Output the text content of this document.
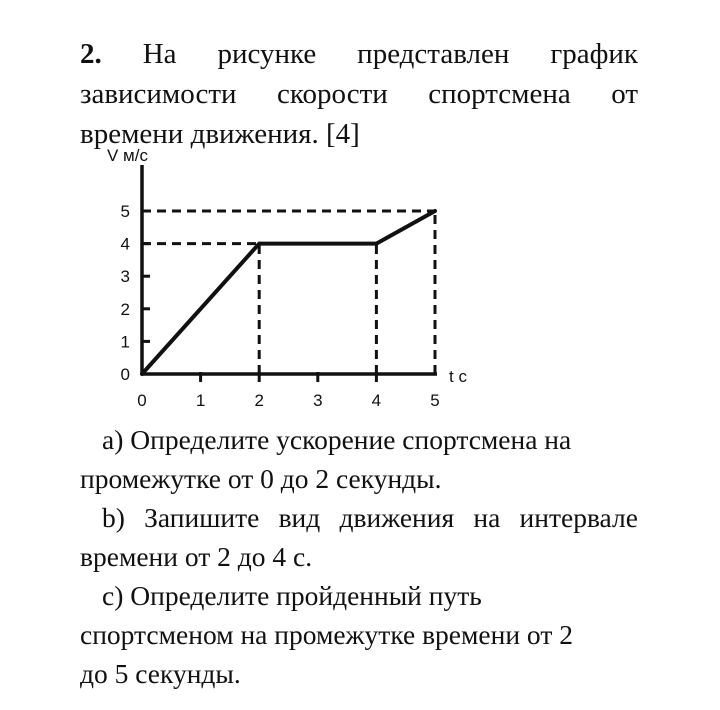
2. На рисунке представлен график
зависимости скорости спортсмена от
времени движения. [4]
0
1
2
3
4
5
0	1	2	3	4	5
V м/с
t c
a) Определите ускорение спортсмена на
промежутке от 0 до 2 секунды.
b) Запишите вид движения на интервале
времени от 2 до 4 с.
c) Определите пройденный путь
спортсменом на промежутке времени от 2
до 5 секунды.
